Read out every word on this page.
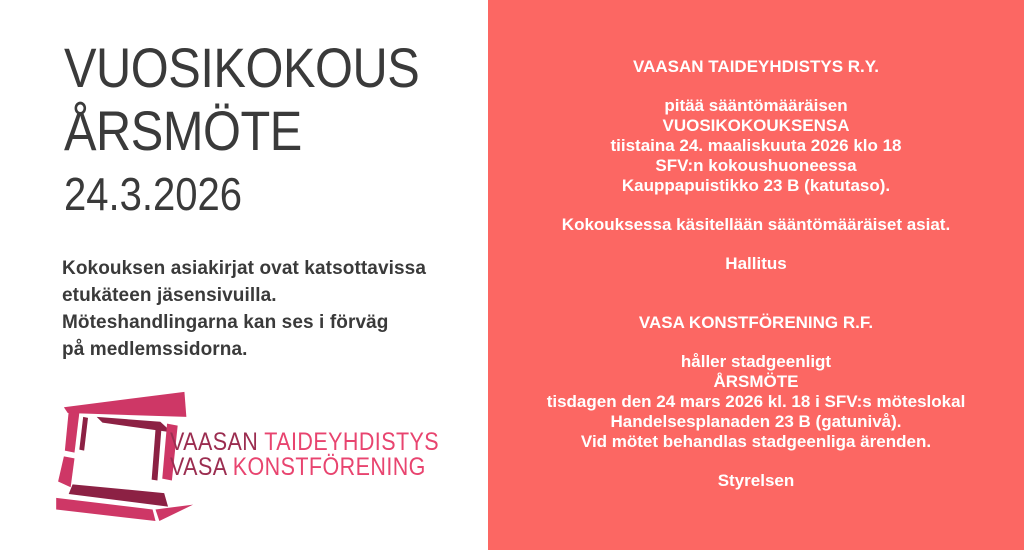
VUOSIKOKOUS
ÅRSMÖTE
24.3.2026
Kokouksen asiakirjat ovat katsottavissa
etukäteen jäsensivuilla.
Möteshandlingarna kan ses i förväg
på medlemssidorna.
VAASAN TAIDEYHDISTYS
VASA KONSTFÖRENING
VAASAN TAIDEYHDISTYS R.Y.
pitää sääntömääräisen
VUOSIKOKOUKSENSA
tiistaina 24. maaliskuuta 2026 klo 18
SFV:n kokoushuoneessa
Kauppapuistikko 23 B (katutaso).
Kokouksessa käsitellään sääntömääräiset asiat.
Hallitus
VASA KONSTFÖRENING R.F.
håller stadgeenligt
ÅRSMÖTE
tisdagen den 24 mars 2026 kl. 18 i SFV:s möteslokal
Handelsesplanaden 23 B (gatunivå).
Vid mötet behandlas stadgeenliga ärenden.
Styrelsen
